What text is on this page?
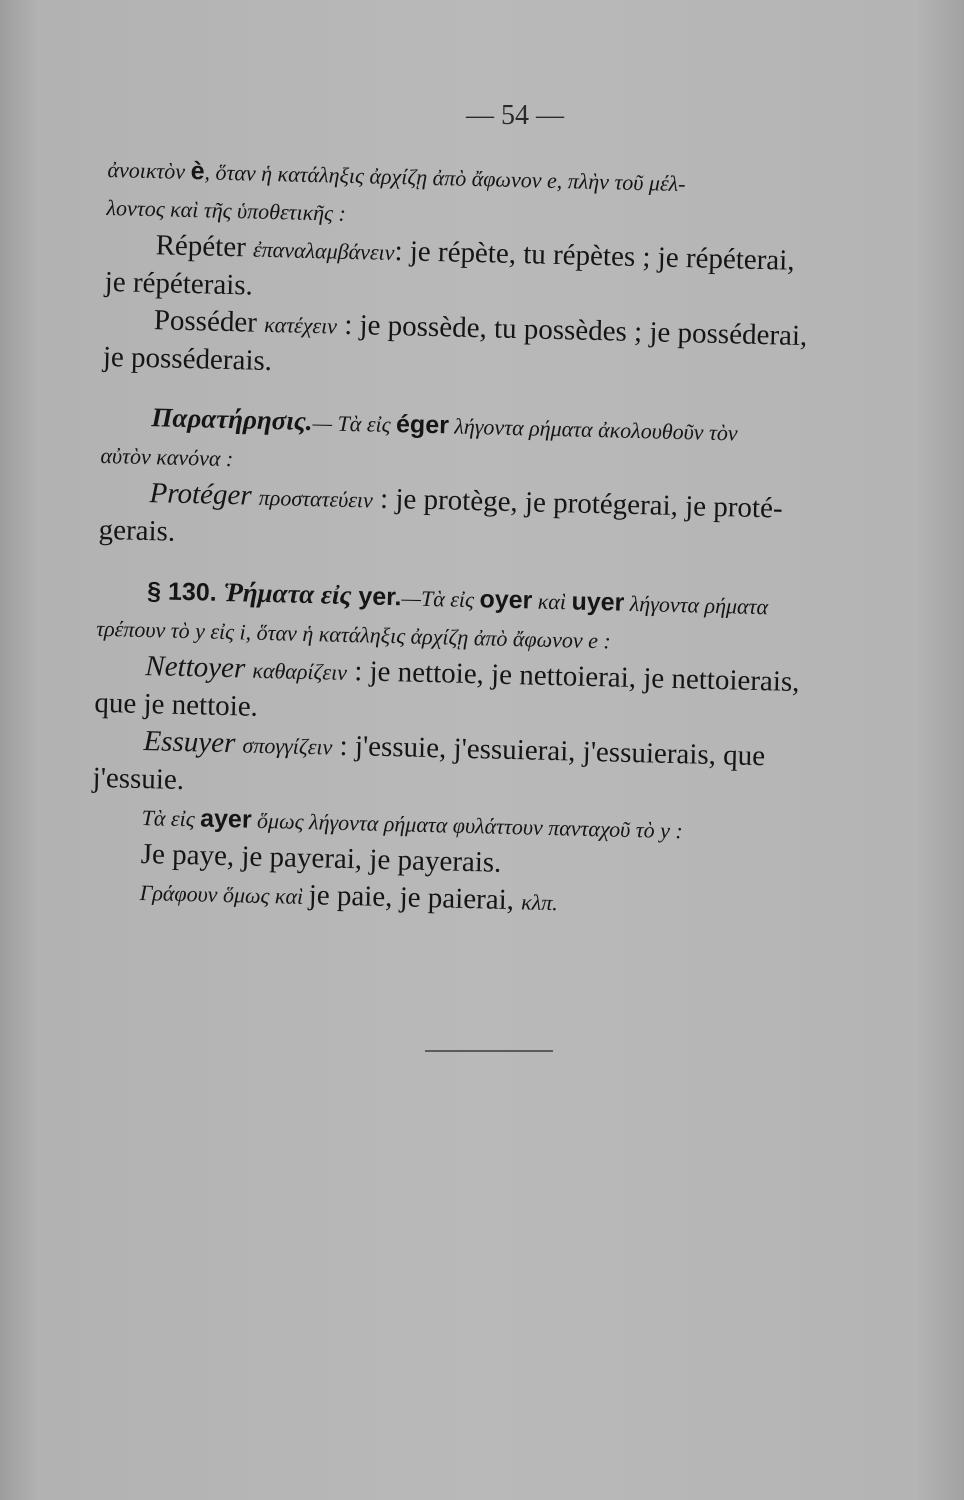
— 54 —

ἀνοικτὸν è, ὅταν ἡ κατάληξις ἀρχίζῃ ἀπὸ ἄφωνον e, πλὴν τοῦ μέλ-

λοντος καὶ τῆς ὑποθετικῆς :

Répéter ἐπαναλαμβάνειν: je répète, tu répètes ; je répéterai,

je répéterais.

Posséder κατέχειν : je possède, tu possèdes ; je posséderai,

je posséderais.

Παρατήρησις.— Τὰ εἰς éger λήγοντα ρήματα ἀκολουθοῦν τὸν

αὐτὸν κανόνα :

Protéger προστατεύειν : je protège, je protégerai, je proté-

gerais.

§ 130. Ῥήματα εἰς yer.—Τὰ εἰς oyer καὶ uyer λήγοντα ρήματα

τρέπουν τὸ y εἰς i, ὅταν ἡ κατάληξις ἀρχίζῃ ἀπὸ ἄφωνον e :

Nettoyer καθαρίζειν : je nettoie, je nettoierai, je nettoierais,

que je nettoie.

Essuyer σπογγίζειν : j'essuie, j'essuierai, j'essuierais, que

j'essuie.

Τὰ εἰς ayer ὅμως λήγοντα ρήματα φυλάττουν πανταχοῦ τὸ y :

Je paye, je payerai, je payerais.

Γράφουν ὅμως καὶ je paie, je paierai, κλπ.
